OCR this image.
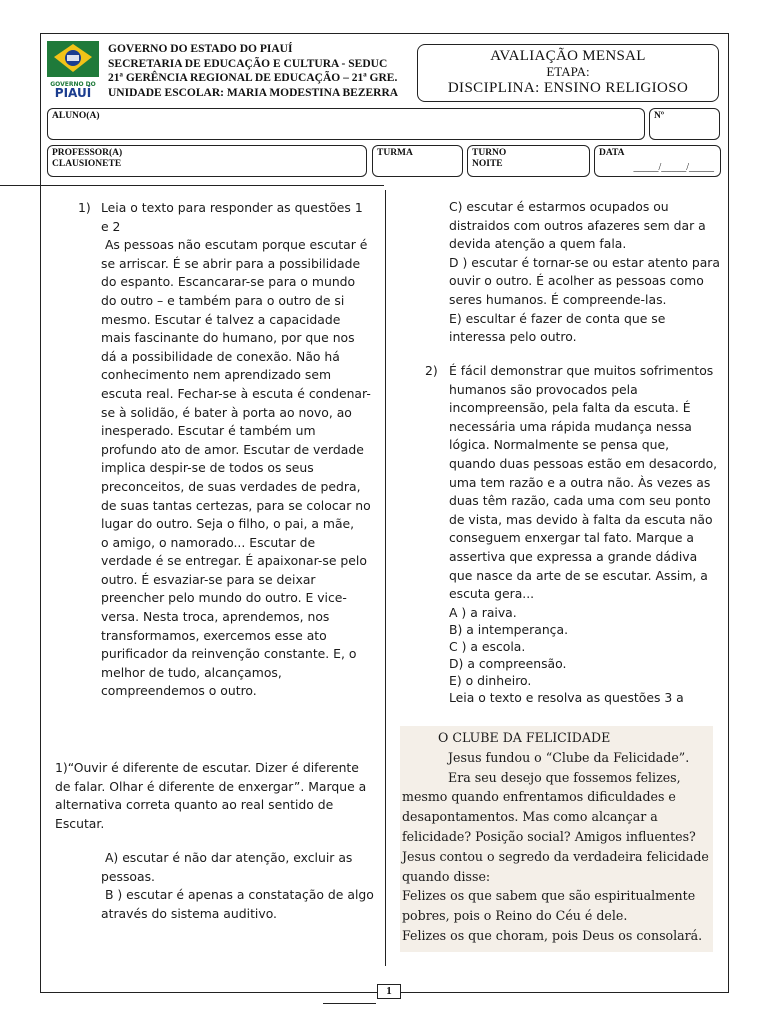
GOVERNO DO
PIAUÍ
GOVERNO DO ESTADO DO PIAUÍ
SECRETARIA DE EDUCAÇÃO E CULTURA - SEDUC
21ª GERÊNCIA REGIONAL DE EDUCAÇÃO – 21ª GRE.
UNIDADE ESCOLAR: MARIA MODESTINA BEZERRA
AVALIAÇÃO MENSAL
ETAPA:
DISCIPLINA: ENSINO RELIGIOSO
ALUNO(A)	Nº
PROFESSOR(A)
CLAUSIONETE
TURMA	TURNO
NOITE
DATA
_____/_____/_____
1) Leia o texto para responder as questões 1

e 2

As pessoas não escutam porque escutar é

se arriscar. É se abrir para a possibilidade

do espanto. Escancarar-se para o mundo

do outro – e também para o outro de si

mesmo. Escutar é talvez a capacidade

mais fascinante do humano, por que nos

dá a possibilidade de conexão. Não há

conhecimento nem aprendizado sem

escuta real. Fechar-se à escuta é condenar-

se à solidão, é bater à porta ao novo, ao

inesperado. Escutar é também um

profundo ato de amor. Escutar de verdade

implica despir-se de todos os seus

preconceitos, de suas verdades de pedra,

de suas tantas certezas, para se colocar no

lugar do outro. Seja o filho, o pai, a mãe,

o amigo, o namorado... Escutar de

verdade é se entregar. É apaixonar-se pelo

outro. É esvaziar-se para se deixar

preencher pelo mundo do outro. E vice-

versa. Nesta troca, aprendemos, nos

transformamos, exercemos esse ato

purificador da reinvenção constante. E, o

melhor de tudo, alcançamos,

compreendemos o outro.

1)“Ouvir é diferente de escutar. Dizer é diferente

de falar. Olhar é diferente de enxergar”. Marque a

alternativa correta quanto ao real sentido de

Escutar.

A) escutar é não dar atenção, excluir as

pessoas.

B ) escutar é apenas a constatação de algo

através do sistema auditivo.

C) escutar é estarmos ocupados ou

distraidos com outros afazeres sem dar a

devida atenção a quem fala.

D ) escutar é tornar-se ou estar atento para

ouvir o outro. É acolher as pessoas como

seres humanos. É compreende-las.

E) escultar é fazer de conta que se

interessa pelo outro.

2) É fácil demonstrar que muitos sofrimentos

humanos são provocados pela

incompreensão, pela falta da escuta. É

necessária uma rápida mudança nessa

lógica. Normalmente se pensa que,

quando duas pessoas estão em desacordo,

uma tem razão e a outra não. Às vezes as

duas têm razão, cada uma com seu ponto

de vista, mas devido à falta da escuta não

conseguem enxergar tal fato. Marque a

assertiva que expressa a grande dádiva

que nasce da arte de se escutar. Assim, a

escuta gera...

A ) a raiva.

B) a intemperança.

C ) a escola.

D) a compreensão.

E) o dinheiro.

Leia o texto e resolva as questões 3 a

O CLUBE DA FELICIDADE

Jesus fundou o “Clube da Felicidade”.

Era seu desejo que fossemos felizes,

mesmo quando enfrentamos dificuldades e

desapontamentos. Mas como alcançar a

felicidade? Posição social? Amigos influentes?

Jesus contou o segredo da verdadeira felicidade

quando disse:

Felizes os que sabem que são espiritualmente

pobres, pois o Reino do Céu é dele.

Felizes os que choram, pois Deus os consolará.

1
